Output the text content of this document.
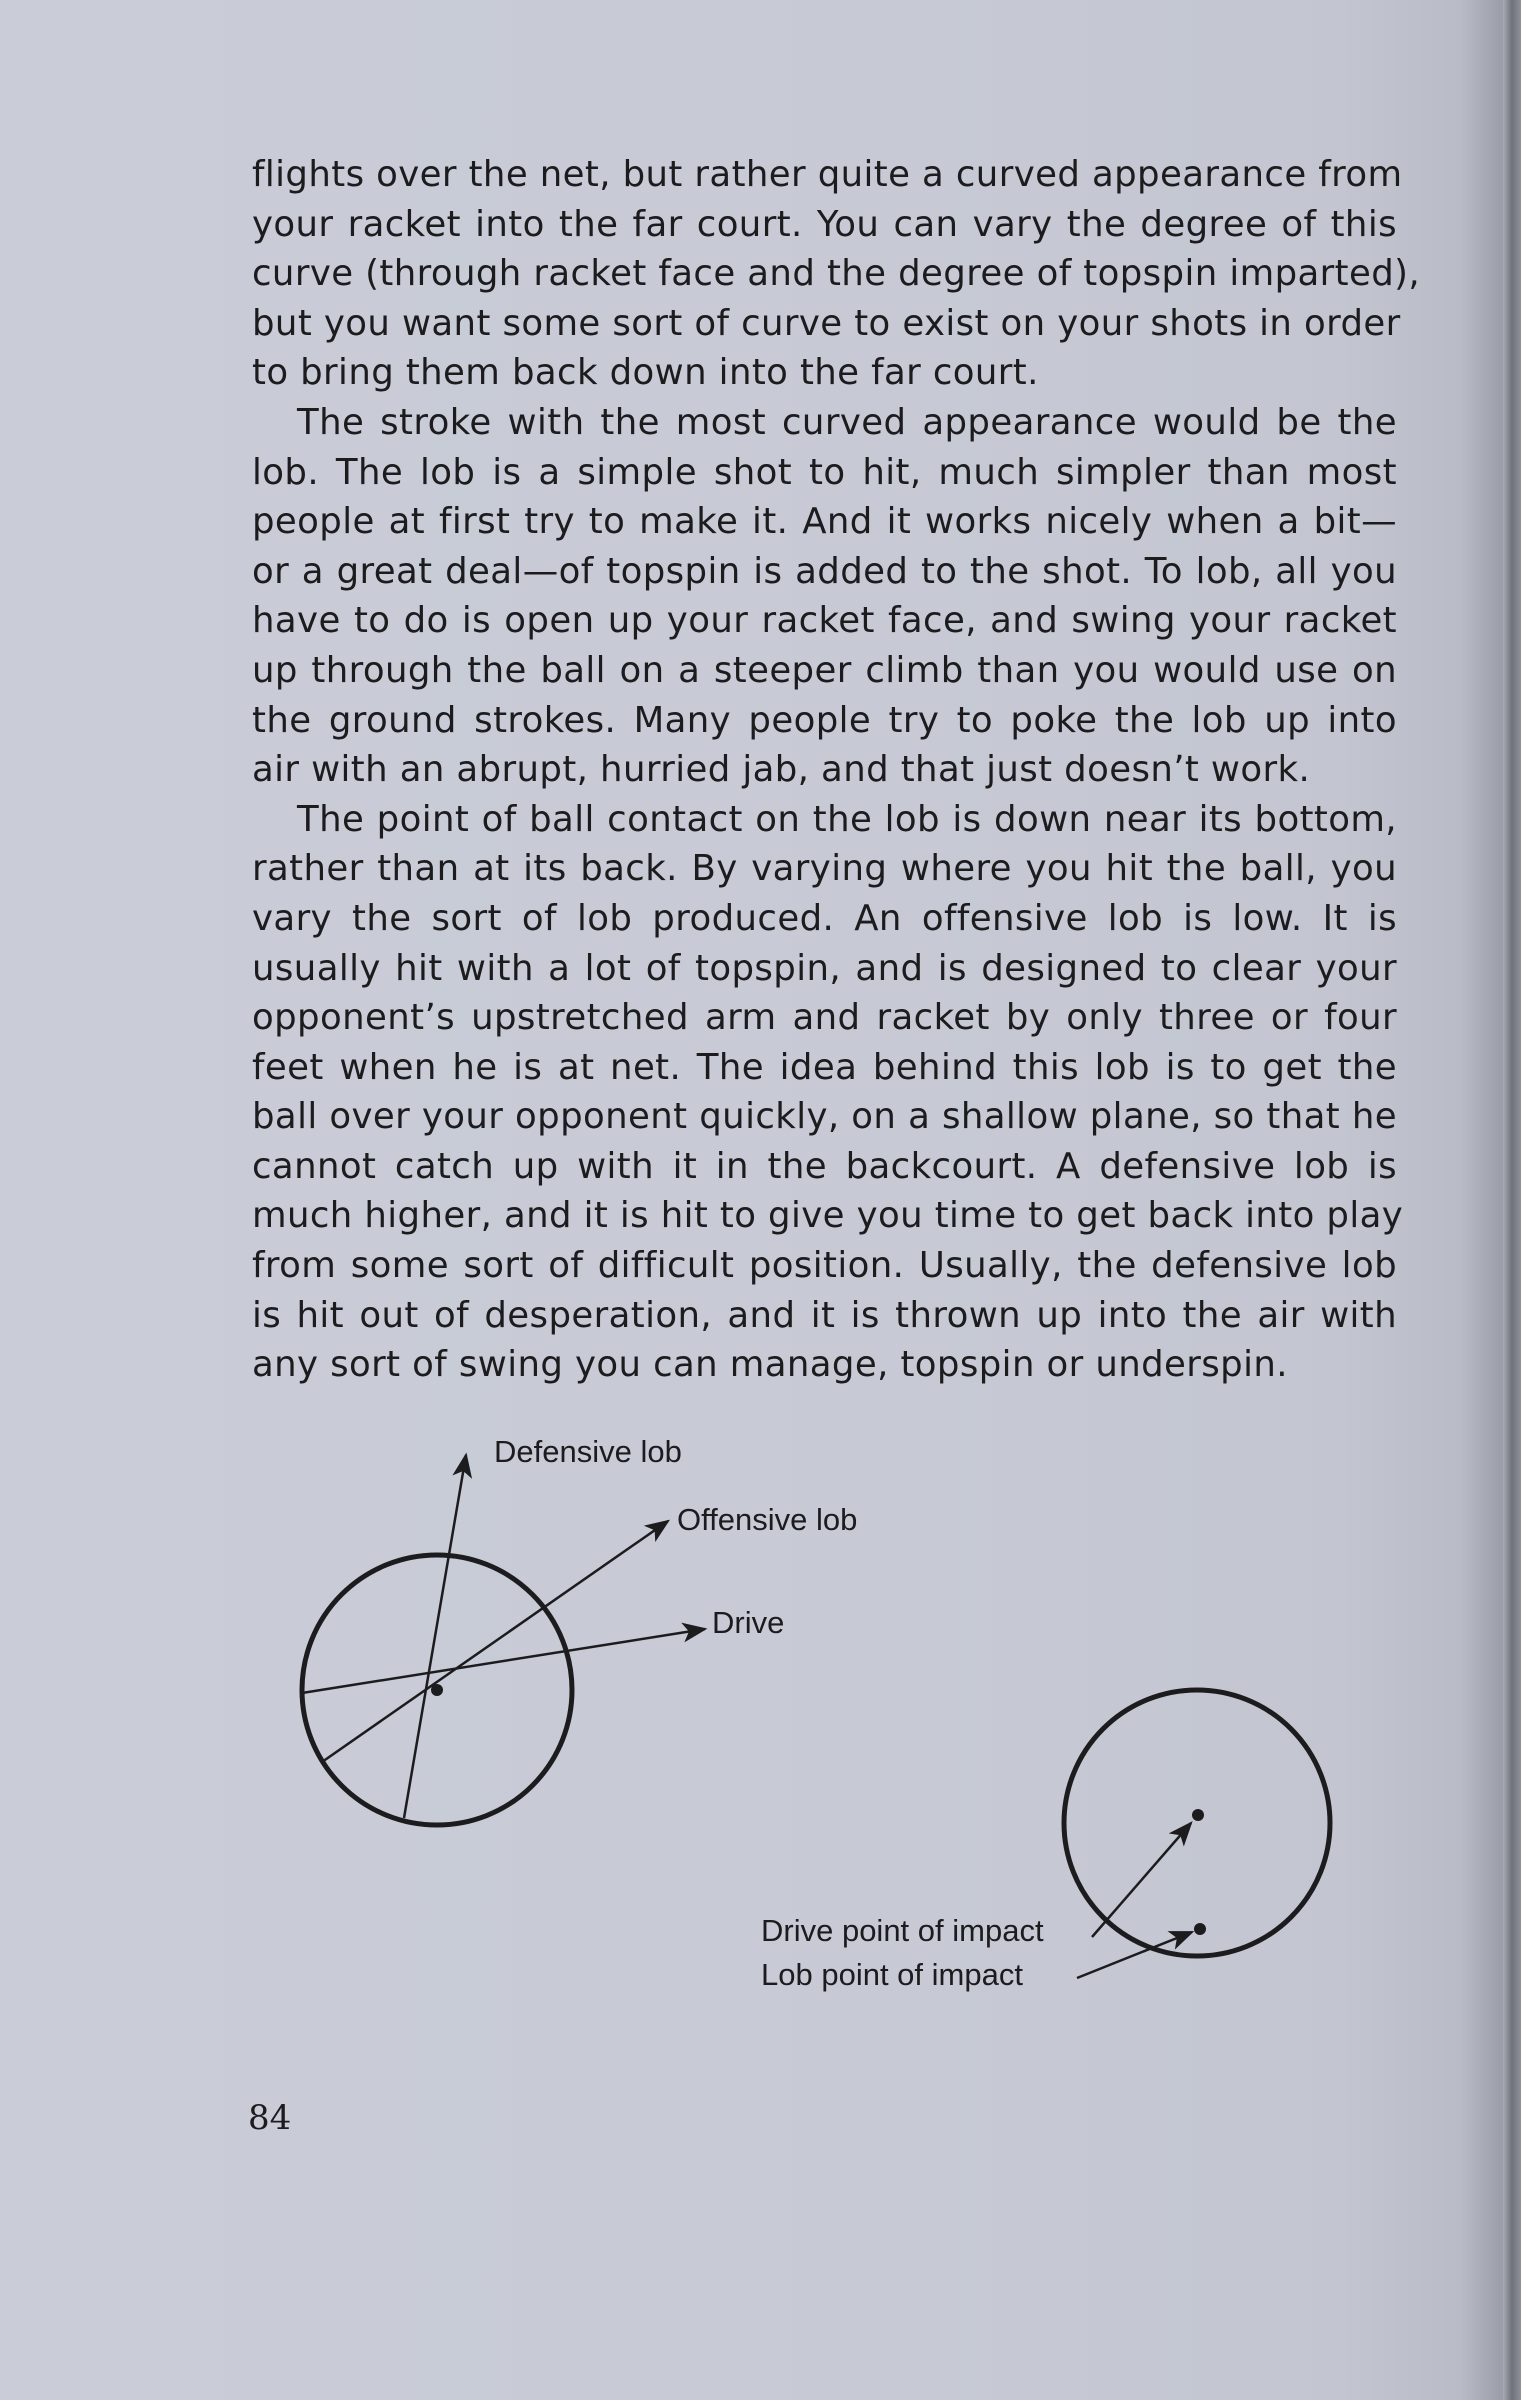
flights over the net, but rather quite a curved appearance from
your racket into the far court. You can vary the degree of this
curve (through racket face and the degree of topspin imparted),
but you want some sort of curve to exist on your shots in order
to bring them back down into the far court.

The stroke with the most curved appearance would be the
lob. The lob is a simple shot to hit, much simpler than most
people at first try to make it. And it works nicely when a bit—
or a great deal—of topspin is added to the shot. To lob, all you
have to do is open up your racket face, and swing your racket
up through the ball on a steeper climb than you would use on
the ground strokes. Many people try to poke the lob up into
air with an abrupt, hurried jab, and that just doesn’t work.

The point of ball contact on the lob is down near its bottom,
rather than at its back. By varying where you hit the ball, you
vary the sort of lob produced. An offensive lob is low. It is
usually hit with a lot of topspin, and is designed to clear your
opponent’s upstretched arm and racket by only three or four
feet when he is at net. The idea behind this lob is to get the
ball over your opponent quickly, on a shallow plane, so that he
cannot catch up with it in the backcourt. A defensive lob is
much higher, and it is hit to give you time to get back into play
from some sort of difficult position. Usually, the defensive lob
is hit out of desperation, and it is thrown up into the air with
any sort of swing you can manage, topspin or underspin.

Defensive lob
Offensive lob
Drive
Drive point of impact
Lob point of impact
84
